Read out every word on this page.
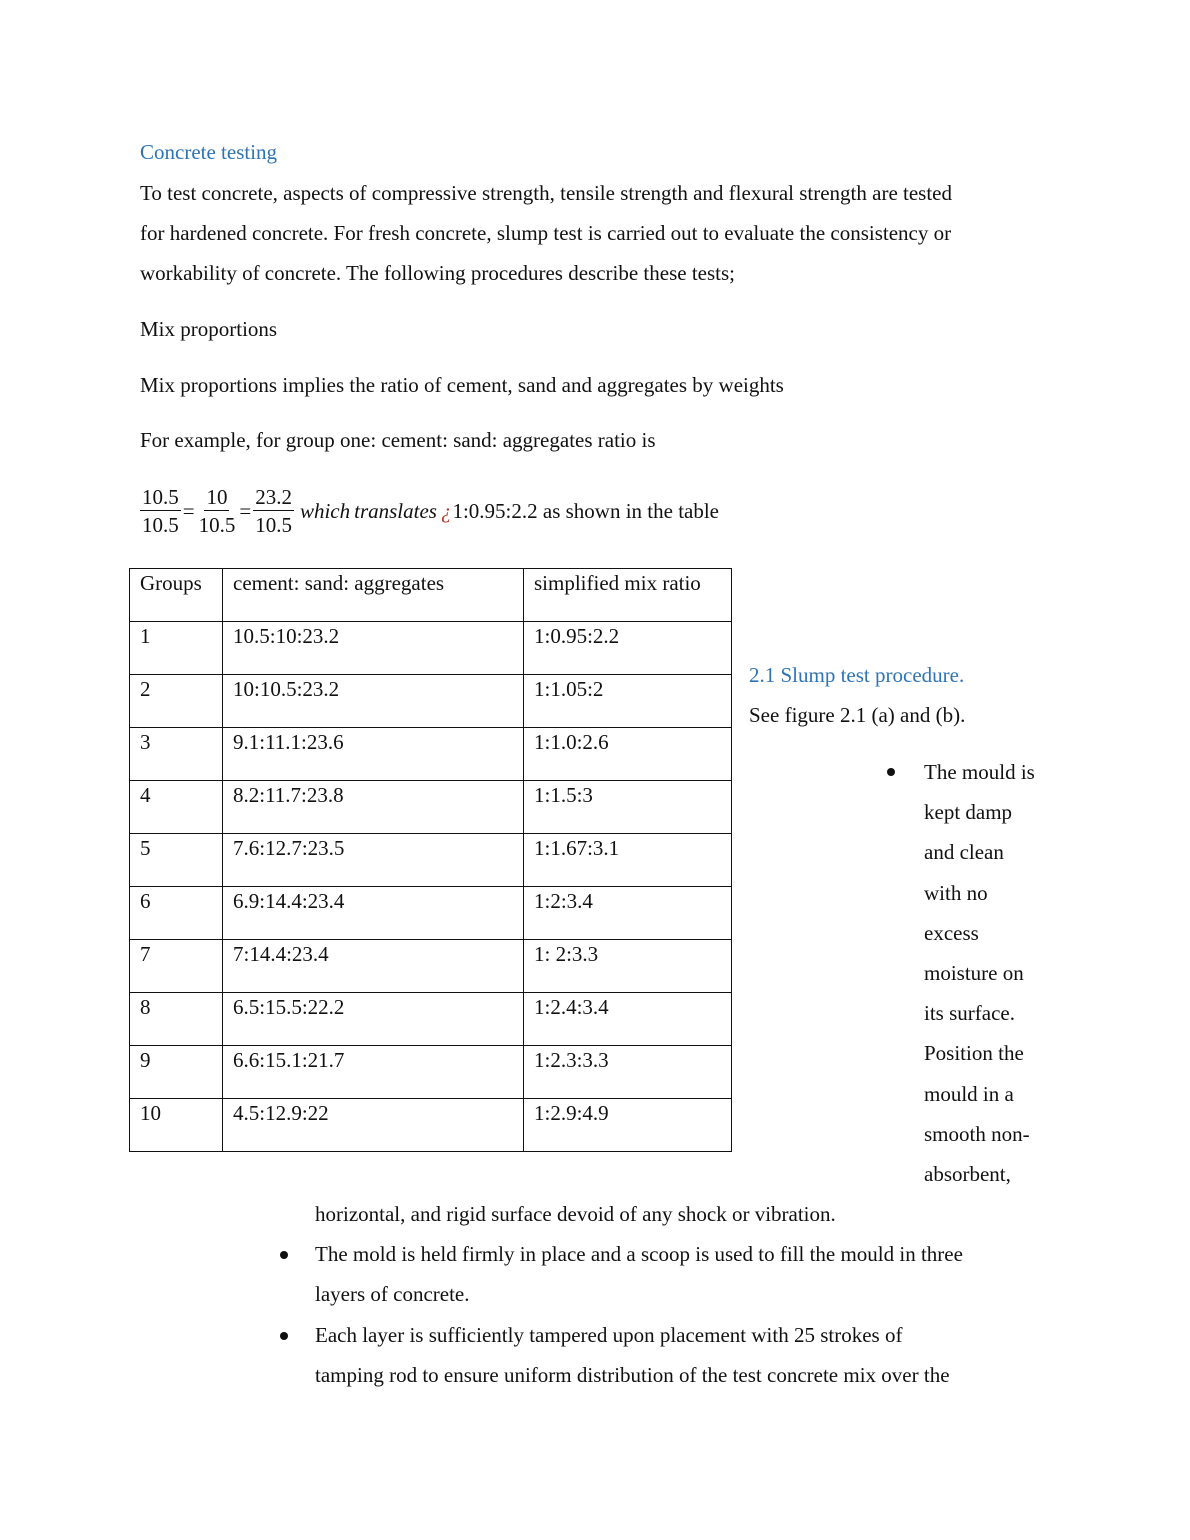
Concrete testing
To test concrete, aspects of compressive strength, tensile strength and flexural strength are tested
for hardened concrete. For fresh concrete, slump test is carried out to evaluate the consistency or
workability of concrete. The following procedures describe these tests;
Mix proportions
Mix proportions implies the ratio of cement, sand and aggregates by weights
For example, for group one: cement: sand: aggregates ratio is
$\frac{10.5}{10.5} = \frac{10}{10.5} = \frac{23.2}{10.5}$ which translates ¿ 1:0.95:2.2 as shown in the table
Groups	cement: sand: aggregates	simplified mix ratio
1	10.5:10:23.2	1:0.95:2.2
2	10:10.5:23.2	1:1.05:2
3	9.1:11.1:23.6	1:1.0:2.6
4	8.2:11.7:23.8	1:1.5:3
5	7.6:12.7:23.5	1:1.67:3.1
6	6.9:14.4:23.4	1:2:3.4
7	7:14.4:23.4	1: 2:3.3
8	6.5:15.5:22.2	1:2.4:3.4
9	6.6:15.1:21.7	1:2.3:3.3
10	4.5:12.9:22	1:2.9:4.9
2.1 Slump test procedure.
See figure 2.1 (a) and (b).
The mould is
kept damp
and clean
with no
excess
moisture on
its surface.
Position the
mould in a
smooth non-
absorbent,
horizontal, and rigid surface devoid of any shock or vibration.
The mold is held firmly in place and a scoop is used to fill the mould in three
layers of concrete.
Each layer is sufficiently tampered upon placement with 25 strokes of
tamping rod to ensure uniform distribution of the test concrete mix over the
